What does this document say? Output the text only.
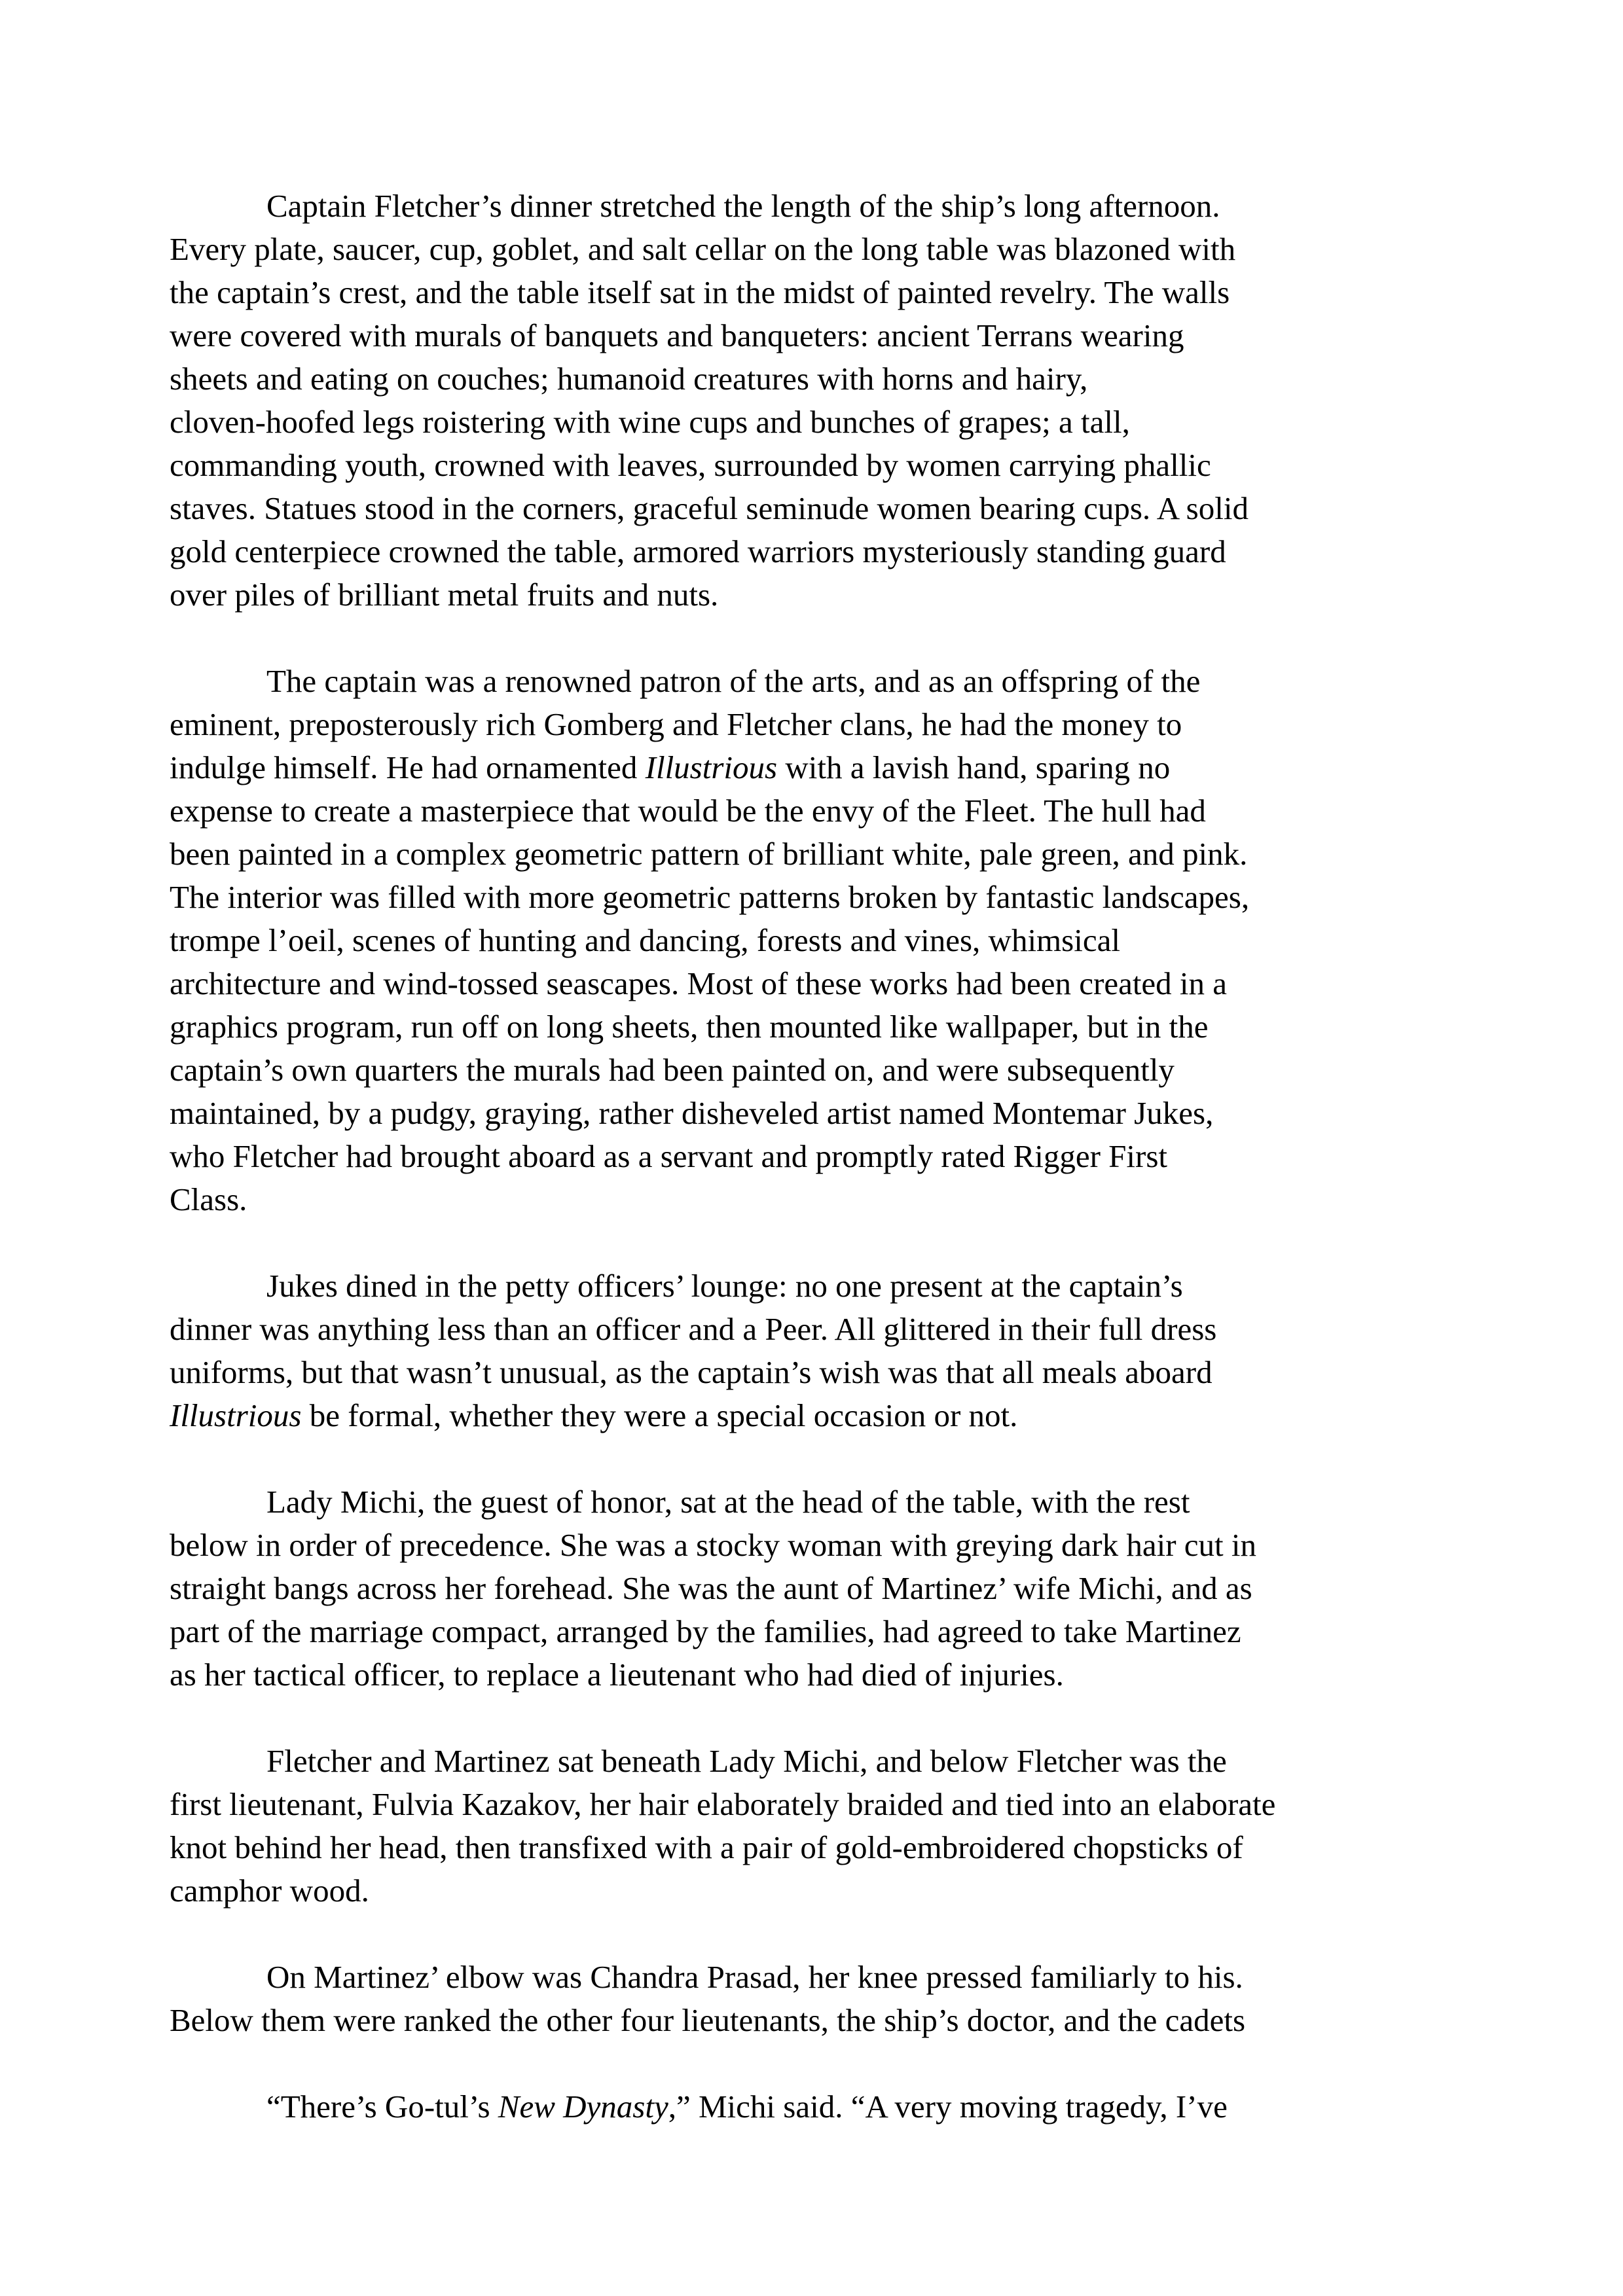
Captain Fletcher’s dinner stretched the length of the ship’s long afternoon.
Every plate, saucer, cup, goblet, and salt cellar on the long table was blazoned with
the captain’s crest, and the table itself sat in the midst of painted revelry. The walls
were covered with murals of banquets and banqueters: ancient Terrans wearing
sheets and eating on couches; humanoid creatures with horns and hairy,
cloven-hoofed legs roistering with wine cups and bunches of grapes; a tall,
commanding youth, crowned with leaves, surrounded by women carrying phallic
staves. Statues stood in the corners, graceful seminude women bearing cups. A solid
gold centerpiece crowned the table, armored warriors mysteriously standing guard
over piles of brilliant metal fruits and nuts.

The captain was a renowned patron of the arts, and as an offspring of the
eminent, preposterously rich Gomberg and Fletcher clans, he had the money to
indulge himself. He had ornamented Illustrious with a lavish hand, sparing no
expense to create a masterpiece that would be the envy of the Fleet. The hull had
been painted in a complex geometric pattern of brilliant white, pale green, and pink.
The interior was filled with more geometric patterns broken by fantastic landscapes,
trompe l’oeil, scenes of hunting and dancing, forests and vines, whimsical
architecture and wind-tossed seascapes. Most of these works had been created in a
graphics program, run off on long sheets, then mounted like wallpaper, but in the
captain’s own quarters the murals had been painted on, and were subsequently
maintained, by a pudgy, graying, rather disheveled artist named Montemar Jukes,
who Fletcher had brought aboard as a servant and promptly rated Rigger First
Class.

Jukes dined in the petty officers’ lounge: no one present at the captain’s
dinner was anything less than an officer and a Peer. All glittered in their full dress
uniforms, but that wasn’t unusual, as the captain’s wish was that all meals aboard
Illustrious be formal, whether they were a special occasion or not.

Lady Michi, the guest of honor, sat at the head of the table, with the rest
below in order of precedence. She was a stocky woman with greying dark hair cut in
straight bangs across her forehead. She was the aunt of Martinez’ wife Michi, and as
part of the marriage compact, arranged by the families, had agreed to take Martinez
as her tactical officer, to replace a lieutenant who had died of injuries.

Fletcher and Martinez sat beneath Lady Michi, and below Fletcher was the
first lieutenant, Fulvia Kazakov, her hair elaborately braided and tied into an elaborate
knot behind her head, then transfixed with a pair of gold-embroidered chopsticks of
camphor wood.

On Martinez’ elbow was Chandra Prasad, her knee pressed familiarly to his.
Below them were ranked the other four lieutenants, the ship’s doctor, and the cadets

“There’s Go-tul’s New Dynasty,” Michi said. “A very moving tragedy, I’ve
